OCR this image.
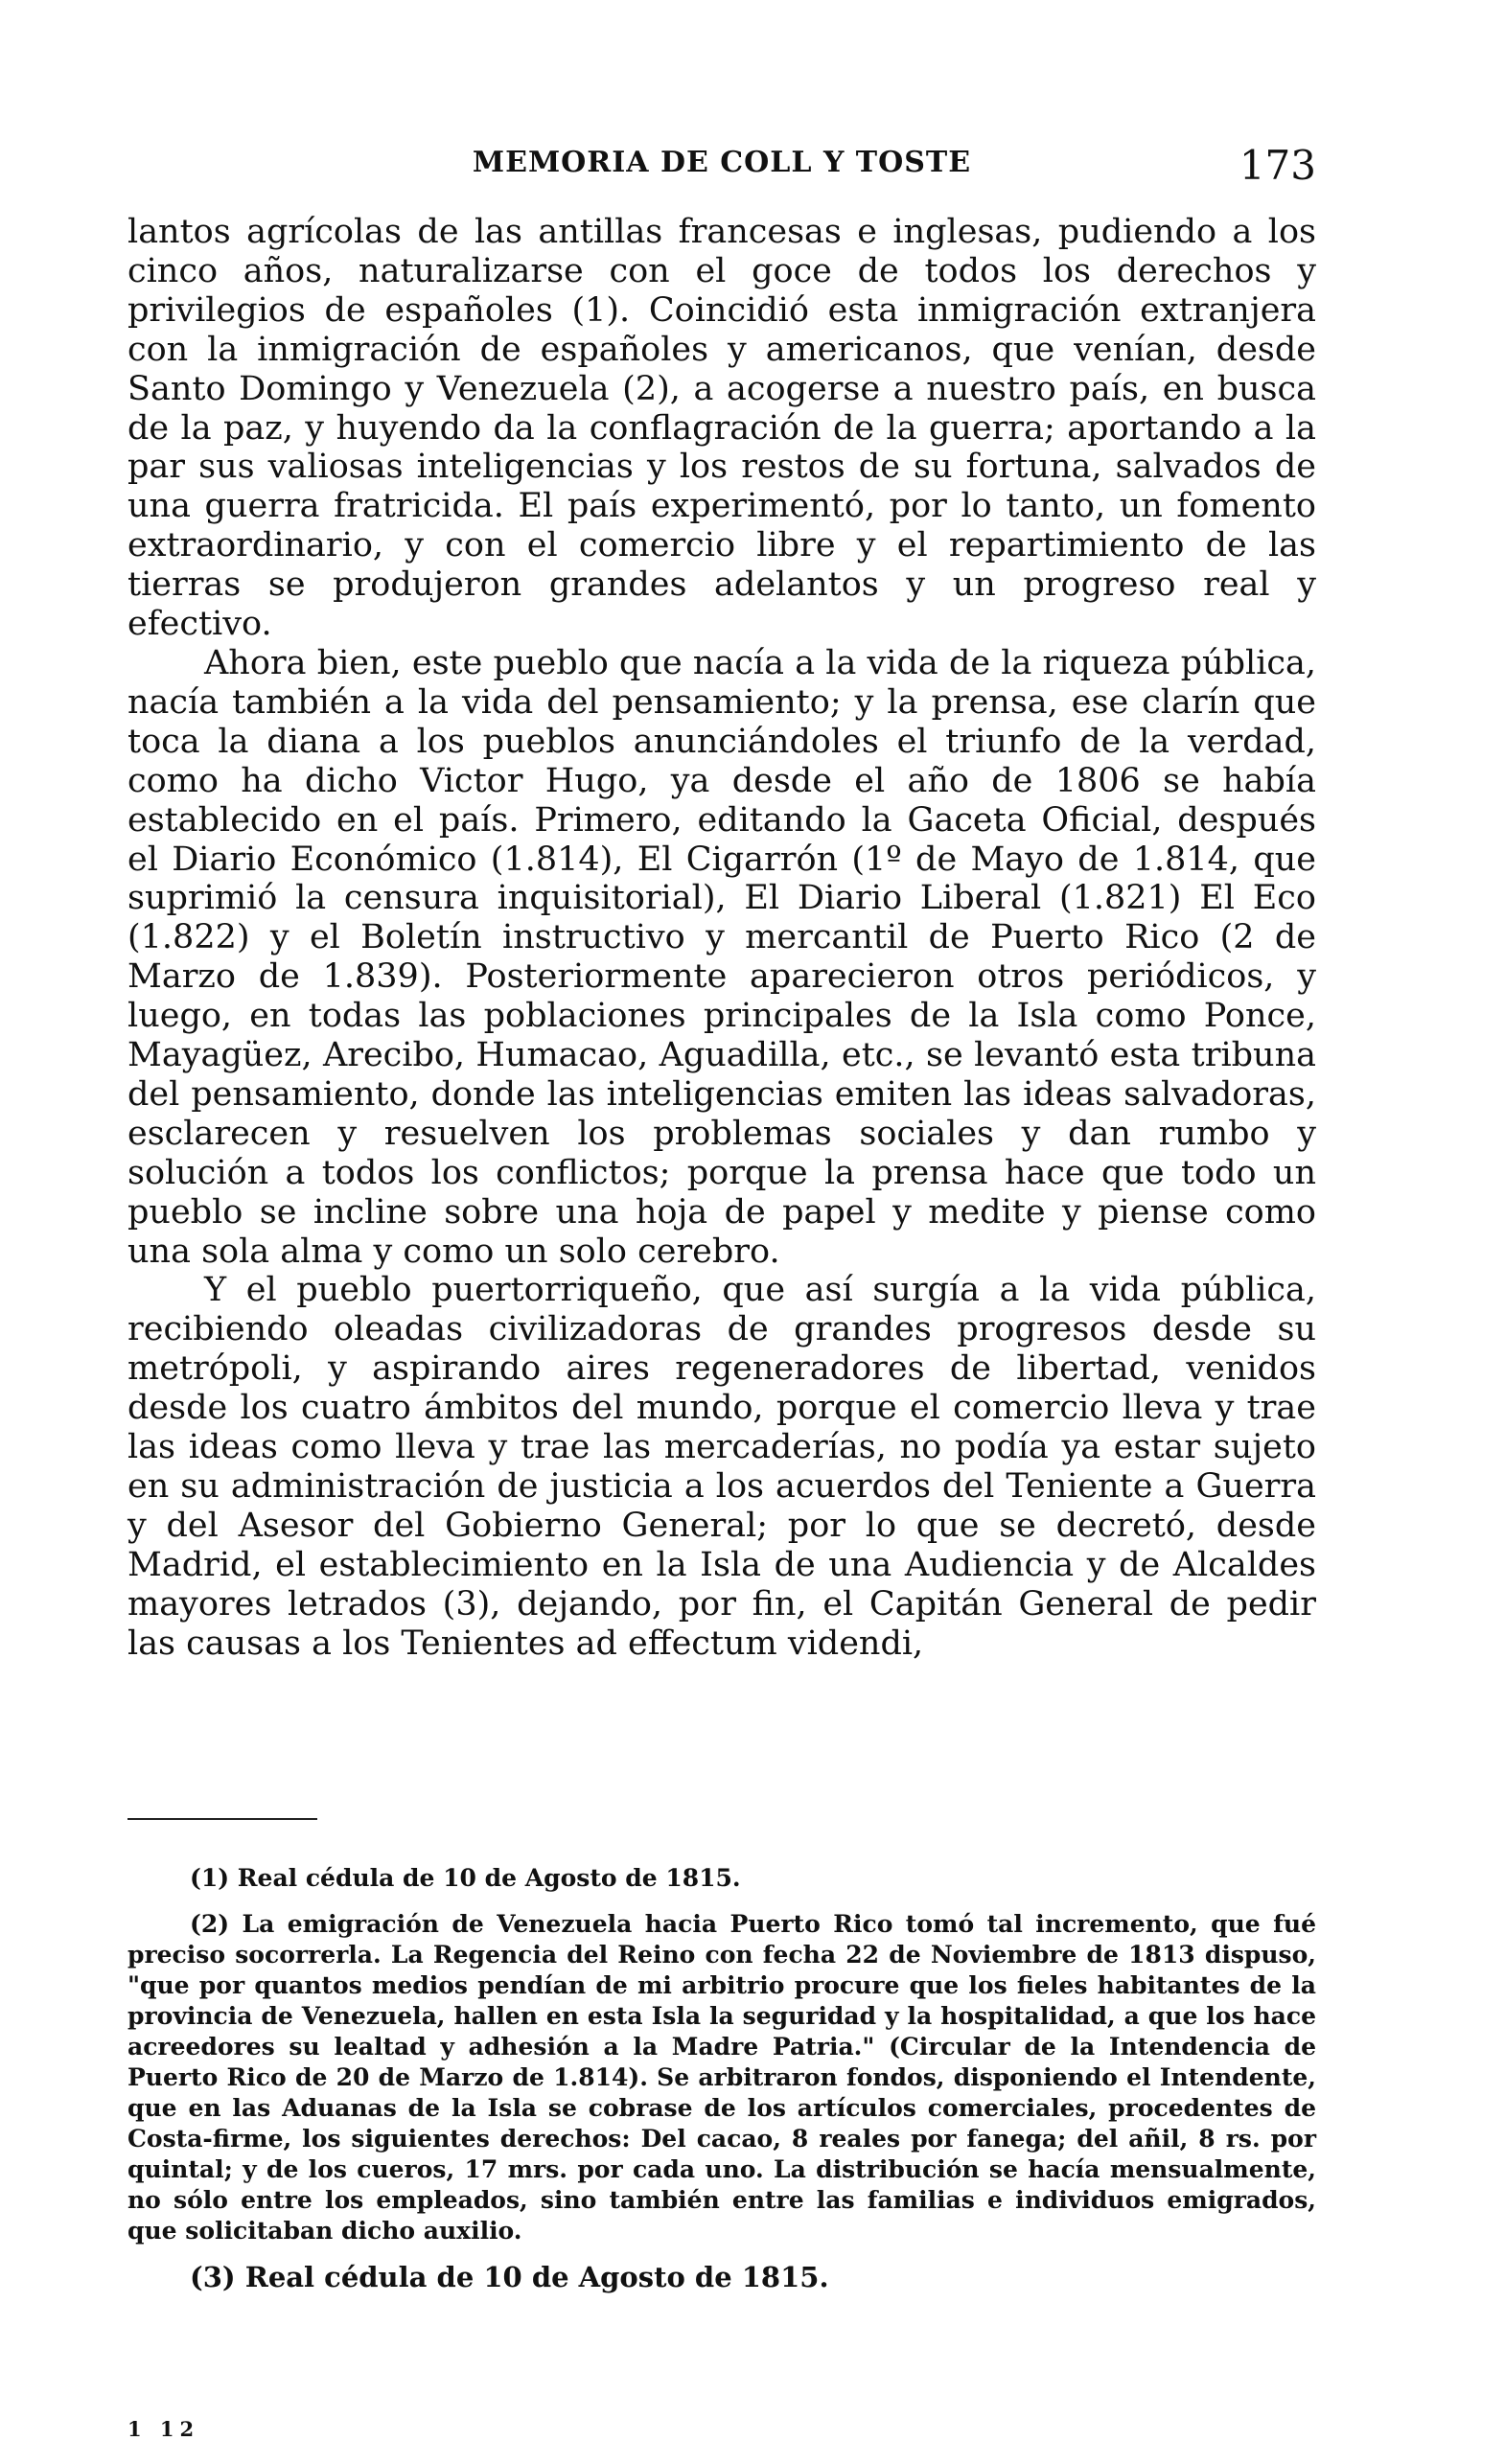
MEMORIA DE COLL Y TOSTE	173

lantos agrícolas de las antillas francesas e inglesas, pudiendo a los cinco años, naturalizarse con el goce de todos los derechos y privilegios de españoles (1). Coincidió esta inmigración extranjera con la inmigración de españoles y americanos, que venían, desde Santo Domingo y Venezuela (2), a acogerse a nuestro país, en busca de la paz, y huyendo da la conflagración de la guerra; aportando a la par sus valiosas inteligencias y los restos de su fortuna, salvados de una guerra fratricida. El país experimentó, por lo tanto, un fomento extraordinario, y con el comercio libre y el repartimiento de las tierras se produjeron grandes adelantos y un progreso real y efectivo.

Ahora bien, este pueblo que nacía a la vida de la riqueza pública, nacía también a la vida del pensamiento; y la prensa, ese clarín que toca la diana a los pueblos anunciándoles el triunfo de la verdad, como ha dicho Victor Hugo, ya desde el año de 1806 se había establecido en el país. Primero, editando la Gaceta Oficial, después el Diario Económico (1.814), El Cigarrón (1º de Mayo de 1.814, que suprimió la censura inquisitorial), El Diario Liberal (1.821) El Eco (1.822) y el Boletín instructivo y mercantil de Puerto Rico (2 de Marzo de 1.839). Posteriormente aparecieron otros periódicos, y luego, en todas las poblaciones principales de la Isla como Ponce, Mayagüez, Arecibo, Humacao, Aguadilla, etc., se levantó esta tribuna del pensamiento, donde las inteligencias emiten las ideas salvadoras, esclarecen y resuelven los problemas sociales y dan rumbo y solución a todos los conflictos; porque la prensa hace que todo un pueblo se incline sobre una hoja de papel y medite y piense como una sola alma y como un solo cerebro.

Y el pueblo puertorriqueño, que así surgía a la vida pública, recibiendo oleadas civilizadoras de grandes progresos desde su metrópoli, y aspirando aires regeneradores de libertad, venidos desde los cuatro ámbitos del mundo, porque el comercio lleva y trae las ideas como lleva y trae las mercaderías, no podía ya estar sujeto en su administración de justicia a los acuerdos del Teniente a Guerra y del Asesor del Gobierno General; por lo que se decretó, desde Madrid, el establecimiento en la Isla de una Audiencia y de Alcaldes mayores letrados (3), dejando, por fin, el Capitán General de pedir las causas a los Tenientes ad effectum videndi,

(1) Real cédula de 10 de Agosto de 1815.

(2) La emigración de Venezuela hacia Puerto Rico tomó tal incremento, que fué preciso socorrerla. La Regencia del Reino con fecha 22 de Noviembre de 1813 dispuso, "que por quantos medios pendían de mi arbitrio procure que los fieles habitantes de la provincia de Venezuela, hallen en esta Isla la seguridad y la hospitalidad, a que los hace acreedores su lealtad y adhesión a la Madre Patria." (Circular de la Intendencia de Puerto Rico de 20 de Marzo de 1.814). Se arbitraron fondos, disponiendo el Intendente, que en las Aduanas de la Isla se cobrase de los artículos comerciales, procedentes de Costa-firme, los siguientes derechos: Del cacao, 8 reales por fanega; del añil, 8 rs. por quintal; y de los cueros, 17 mrs. por cada uno. La distribución se hacía mensualmente, no sólo entre los empleados, sino también entre las familias e individuos emigrados, que solicitaban dicho auxilio.

(3) Real cédula de 10 de Agosto de 1815.

1 12
